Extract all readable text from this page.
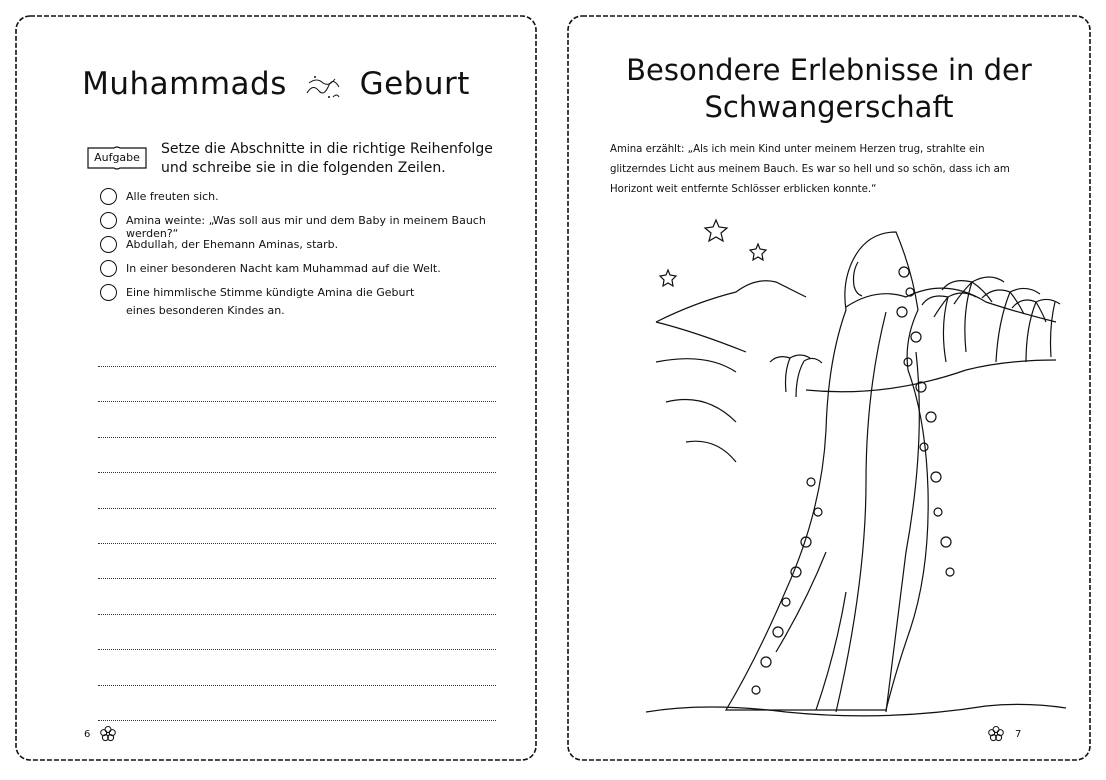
Muhammads Geburt
Aufgabe
Setze die Abschnitte in die richtige Reihenfolge
und schreibe sie in die folgenden Zeilen.
Alle freuten sich.
Amina weinte: „Was soll aus mir und dem Baby in meinem Bauch werden?“
Abdullah, der Ehemann Aminas, starb.
In einer besonderen Nacht kam Muhammad auf die Welt.
Eine himmlische Stimme kündigte Amina die Geburt
eines besonderen Kindes an.
6
Besondere Erlebnisse in der
Schwangerschaft
Amina erzählt: „Als ich mein Kind unter meinem Herzen trug, strahlte ein
glitzerndes Licht aus meinem Bauch. Es war so hell und so schön, dass ich am
Horizont weit entfernte Schlösser erblicken konnte.“
7
